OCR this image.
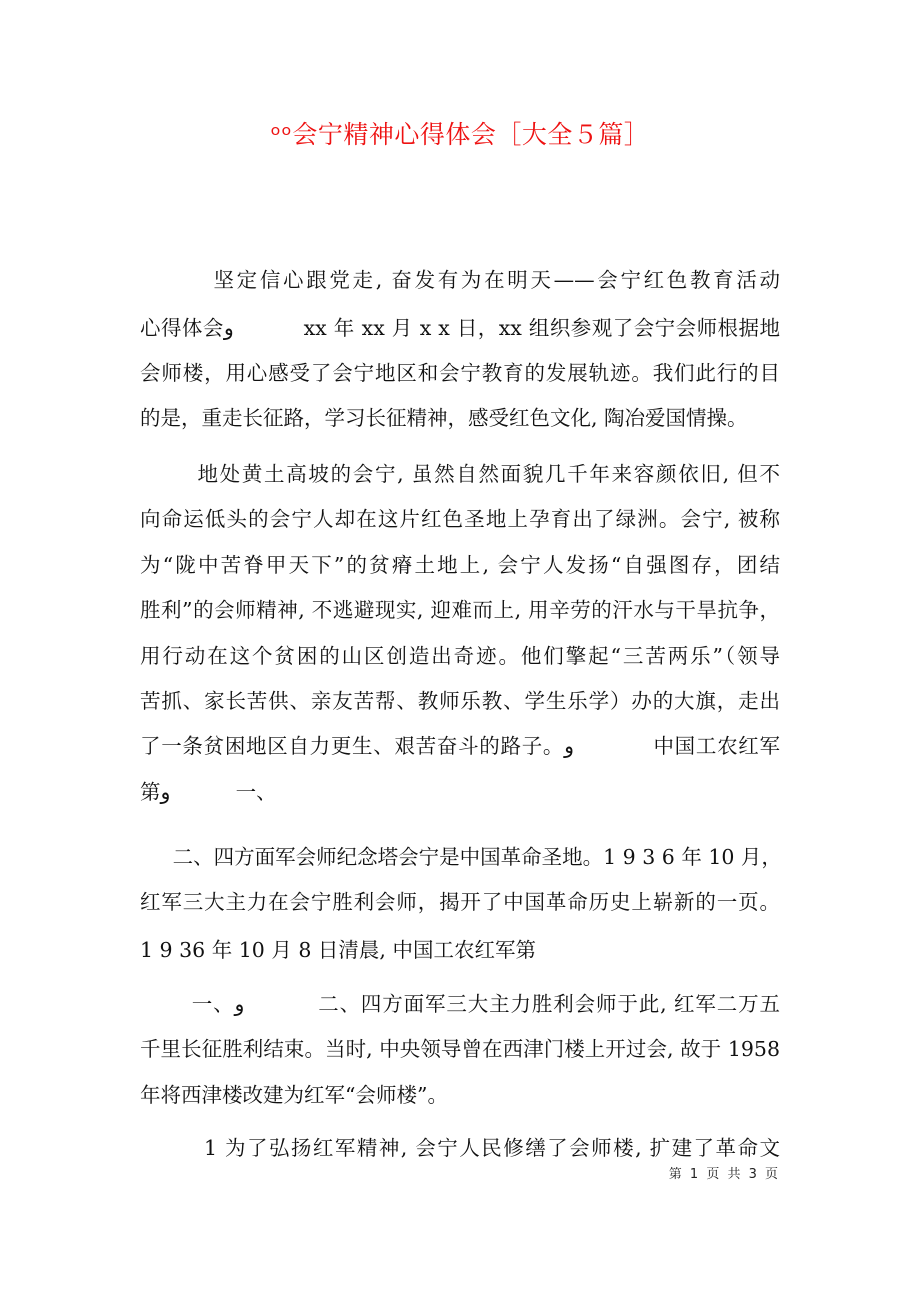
ᵒᵒ会宁精神心得体会［大全５篇］
坚定信心跟党走, 奋发有为在明天——会宁红色教育活动
心得体会و          xx 年 xx 月 x x 日，xx 组织参观了会宁会师根据地
会师楼，用心感受了会宁地区和会宁教育的发展轨迹。我们此行的目
的是，重走长征路，学习长征精神，感受红色文化, 陶冶爱国情操。
地处黄土高坡的会宁, 虽然自然面貌几千年来容颜依旧, 但不
向命运低头的会宁人却在这片红色圣地上孕育出了绿洲。会宁, 被称
为“陇中苦脊甲天下”的贫瘠土地上, 会宁人发扬“自强图存，团结
胜利”的会师精神, 不逃避现实, 迎难而上, 用辛劳的汗水与干旱抗争，
用行动在这个贫困的山区创造出奇迹。他们擎起“三苦两乐”（领导
苦抓、家长苦供、亲友苦帮、教师乐教、学生乐学）办的大旗，走出
了一条贫困地区自力更生、艰苦奋斗的路子。و           中国工农红军
第و          一、
二、四方面军会师纪念塔会宁是中国革命圣地。1 9 3 6 年 10 月，
红军三大主力在会宁胜利会师，揭开了中国革命历史上崭新的一页。
1 9 36 年 10 月 8 日清晨, 中国工农红军第
一、و          二、四方面军三大主力胜利会师于此, 红军二万五
千里长征胜利结束。当时, 中央领导曾在西津门楼上开过会, 故于 1958
年将西津楼改建为红军“会师楼”。
1 为了弘扬红军精神, 会宁人民修缮了会师楼, 扩建了革命文
第 1 页 共 3 页
